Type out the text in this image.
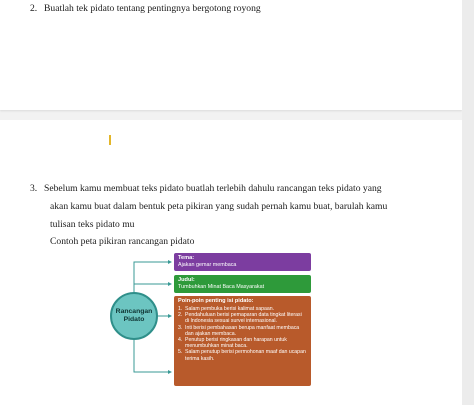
2. Buatlah tek pidato tentang pentingnya bergotong royong
3. Sebelum kamu membuat teks pidato buatlah terlebih dahulu rancangan teks pidato yang
akan kamu buat dalam bentuk peta pikiran yang sudah pernah kamu buat, barulah kamu
tulisan teks pidato mu
Contoh peta pikiran rancangan pidato
Rancangan
Pidato
Tema:
Ajakan gemar membaca
Judul:
Tumbuhkan Minat Baca Masyarakat
Poin-poin penting isi pidato:
1. Salam pembuka berisi kalimat sapaan.
2. Pendahuluan berisi pemaparan data tingkat literasi di Indonesia sesuai survei internasional.
3. Inti berisi pembahasan berupa manfaat membaca dan ajakan membaca.
4. Penutup berisi ringkasan dan harapan untuk menumbuhkan minat baca.
5. Salam penutup berisi permohonan maaf dan ucapan terima kasih.
